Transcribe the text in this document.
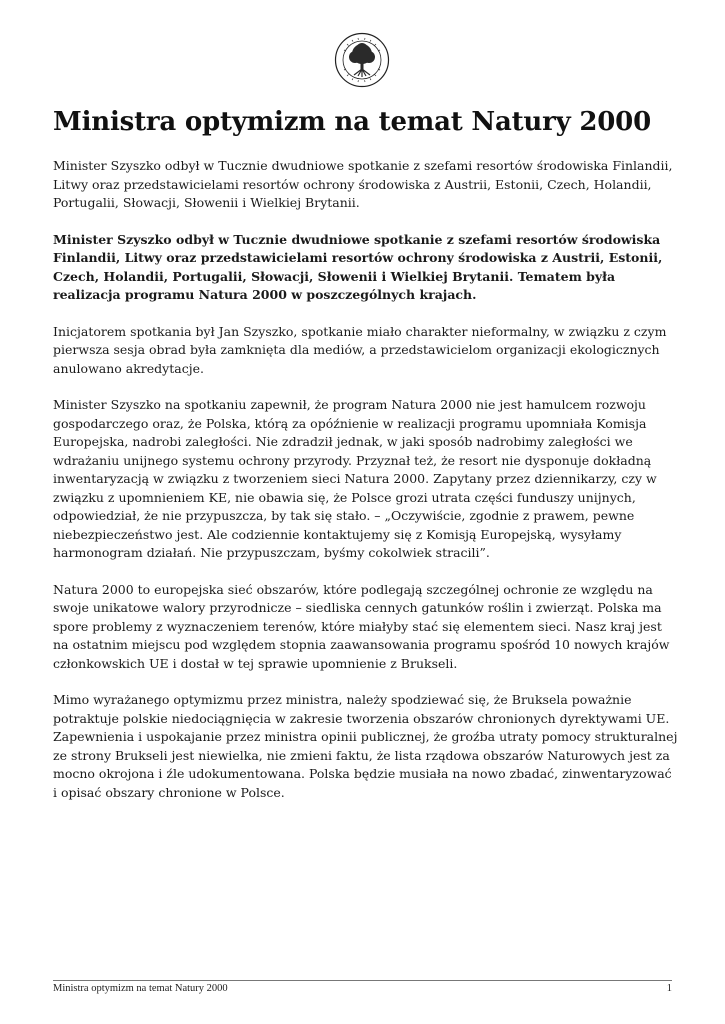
Ministra optymizm na temat Natury 2000

Minister Szyszko odbył w Tucznie dwudniowe spotkanie z szefami resortów środowiska Finlandii, Litwy oraz przedstawicielami resortów ochrony środowiska z Austrii, Estonii, Czech, Holandii, Portugalii, Słowacji, Słowenii i Wielkiej Brytanii.

Minister Szyszko odbył w Tucznie dwudniowe spotkanie z szefami resortów środowiska Finlandii, Litwy oraz przedstawicielami resortów ochrony środowiska z Austrii, Estonii, Czech, Holandii, Portugalii, Słowacji, Słowenii i Wielkiej Brytanii. Tematem była realizacja programu Natura 2000 w poszczególnych krajach.

Inicjatorem spotkania był Jan Szyszko, spotkanie miało charakter nieformalny, w związku z czym pierwsza sesja obrad była zamknięta dla mediów, a przedstawicielom organizacji ekologicznych anulowano akredytacje.

Minister Szyszko na spotkaniu zapewnił, że program Natura 2000 nie jest hamulcem rozwoju gospodarczego oraz, że Polska, którą za opóźnienie w realizacji programu upomniała Komisja Europejska, nadrobi zaległości. Nie zdradził jednak, w jaki sposób nadrobimy zaległości we wdrażaniu unijnego systemu ochrony przyrody. Przyznał też, że resort nie dysponuje dokładną inwentaryzacją w związku z tworzeniem sieci Natura 2000. Zapytany przez dziennikarzy, czy w związku z upomnieniem KE, nie obawia się, że Polsce grozi utrata części funduszy unijnych, odpowiedział, że nie przypuszcza, by tak się stało. – „Oczywiście, zgodnie z prawem, pewne niebezpieczeństwo jest. Ale codziennie kontaktujemy się z Komisją Europejską, wysyłamy harmonogram działań. Nie przypuszczam, byśmy cokolwiek stracili”.

Natura 2000 to europejska sieć obszarów, które podlegają szczególnej ochronie ze względu na swoje unikatowe walory przyrodnicze – siedliska cennych gatunków roślin i zwierząt. Polska ma spore problemy z wyznaczeniem terenów, które miałyby stać się elementem sieci. Nasz kraj jest na ostatnim miejscu pod względem stopnia zaawansowania programu spośród 10 nowych krajów członkowskich UE i dostał w tej sprawie upomnienie z Brukseli.

Mimo wyrażanego optymizmu przez ministra, należy spodziewać się, że Bruksela poważnie potraktuje polskie niedociągnięcia w zakresie tworzenia obszarów chronionych dyrektywami UE. Zapewnienia i uspokajanie przez ministra opinii publicznej, że groźba utraty pomocy strukturalnej ze strony Brukseli jest niewielka, nie zmieni faktu, że lista rządowa obszarów Naturowych jest za mocno okrojona i źle udokumentowana. Polska będzie musiała na nowo zbadać, zinwentaryzować i opisać obszary chronione w Polsce.

Ministra optymizm na temat Natury 2000	1
